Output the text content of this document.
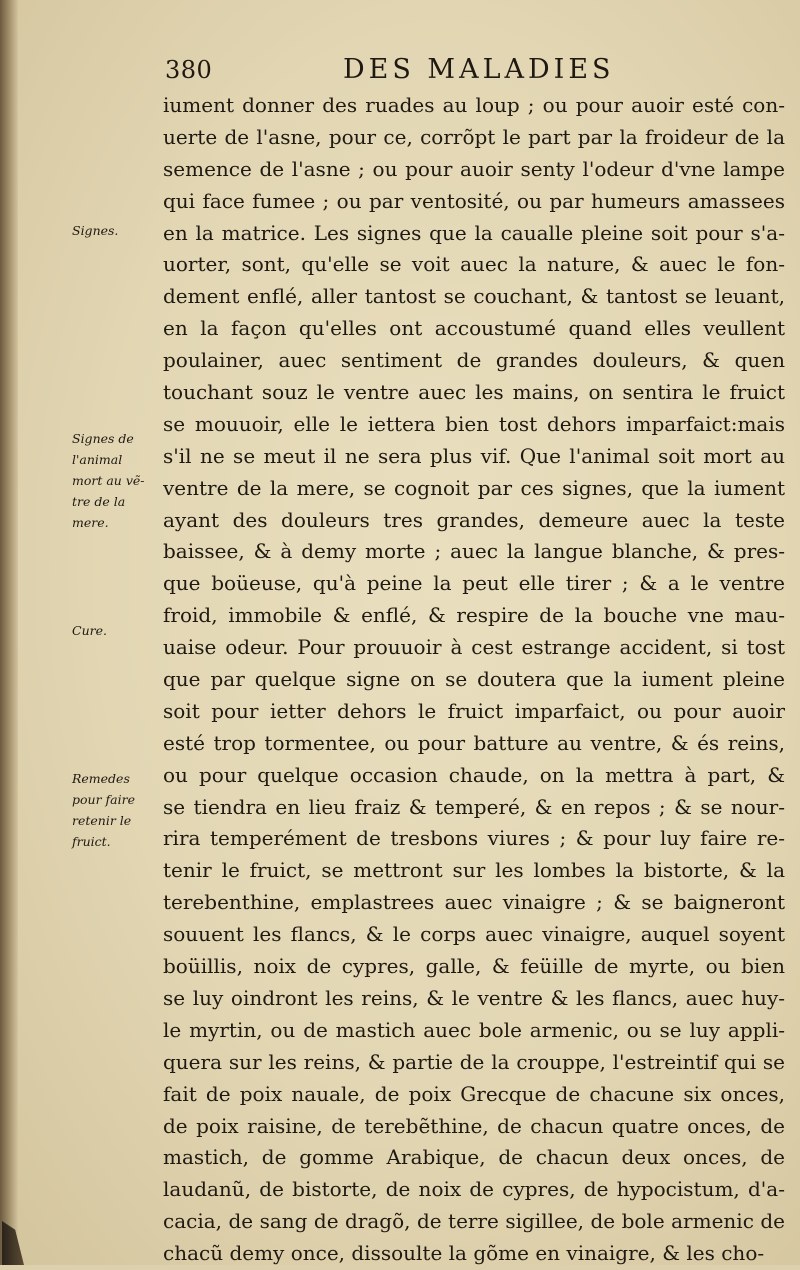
380	DES MALADIES
Signes.
Signes de
l'animal
mort au vẽ-
tre de la
mere.
Cure.
Remedes
pour faire
retenir le
fruict.
iument donner des ruades au loup ; ou pour auoir esté con-
uerte de l'asne, pour ce, corrõpt le part par la froideur de la
semence de l'asne ; ou pour auoir senty l'odeur d'vne lampe
qui face fumee ; ou par ventosité, ou par humeurs amassees
en la matrice. Les signes que la caualle pleine soit pour s'a-
uorter, sont, qu'elle se voit auec la nature, & auec le fon-
dement enflé, aller tantost se couchant, & tantost se leuant,
en la façon qu'elles ont accoustumé quand elles veullent
poulainer, auec sentiment de grandes douleurs, & quen
touchant souz le ventre auec les mains, on sentira le fruict
se mouuoir, elle le iettera bien tost dehors imparfaict:mais
s'il ne se meut il ne sera plus vif. Que l'animal soit mort au
ventre de la mere, se cognoit par ces signes, que la iument
ayant des douleurs tres grandes, demeure auec la teste
baissee, & à demy morte ; auec la langue blanche, & pres-
que boüeuse, qu'à peine la peut elle tirer ; & a le ventre
froid, immobile & enflé, & respire de la bouche vne mau-
uaise odeur. Pour prouuoir à cest estrange accident, si tost
que par quelque signe on se doutera que la iument pleine
soit pour ietter dehors le fruict imparfaict, ou pour auoir
esté trop tormentee, ou pour batture au ventre, & és reins,
ou pour quelque occasion chaude, on la mettra à part, &
se tiendra en lieu fraiz & temperé, & en repos ; & se nour-
rira temperément de tresbons viures ; & pour luy faire re-
tenir le fruict, se mettront sur les lombes la bistorte, & la
terebenthine, emplastrees auec vinaigre ; & se baigneront
souuent les flancs, & le corps auec vinaigre, auquel soyent
boüillis, noix de cypres, galle, & feüille de myrte, ou bien
se luy oindront les reins, & le ventre & les flancs, auec huy-
le myrtin, ou de mastich auec bole armenic, ou se luy appli-
quera sur les reins, & partie de la crouppe, l'estreintif qui se
fait de poix nauale, de poix Grecque de chacune six onces,
de poix raisine, de terebẽthine, de chacun quatre onces, de
mastich, de gomme Arabique, de chacun deux onces, de
laudanũ, de bistorte, de noix de cypres, de hypocistum, d'a-
cacia, de sang de dragõ, de terre sigillee, de bole armenic de
chacũ demy once, dissoulte la gõme en vinaigre, & les cho-
